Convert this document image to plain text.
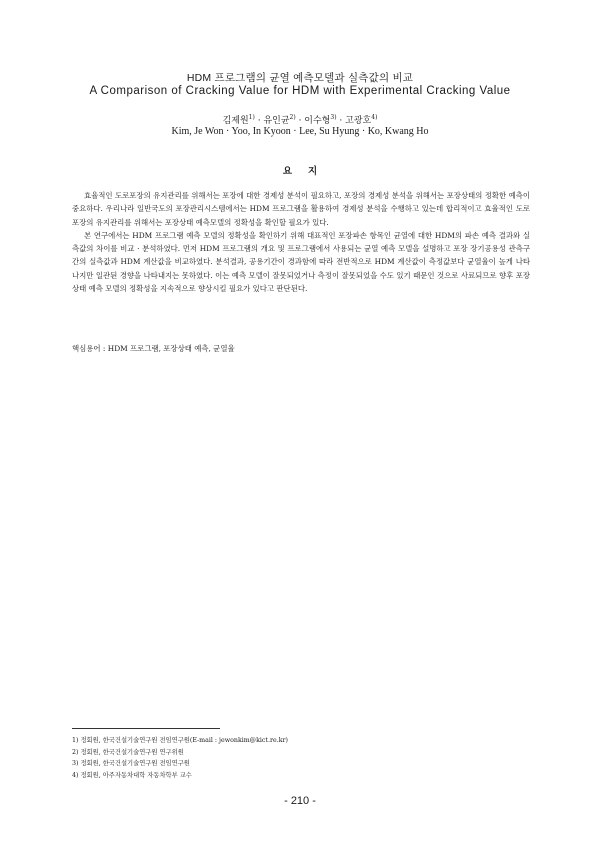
HDM 프로그램의 균열 예측모델과 실측값의 비교
A Comparison of Cracking Value for HDM with Experimental Cracking Value
김제원$^{1)}$ · 유인균$^{2)}$ · 이수형$^{3)}$ · 고광호$^{4)}$
Kim, Je Won · Yoo, In Kyoon · Lee, Su Hyung · Ko, Kwang Ho
요지

효율적인 도로포장의 유지관리를 위해서는 포장에 대한 경제성 분석이 필요하고, 포장의 경제성 분석을 위해서는 포장상태의 정확한 예측이 중요하다. 우리나라 일반국도의 포장관리시스템에서는 HDM 프로그램을 활용하여 경제성 분석을 수행하고 있는데 합리적이고 효율적인 도로포장의 유지관리를 위해서는 포장상태 예측모델의 정확성을 확인할 필요가 있다.

본 연구에서는 HDM 프로그램 예측 모델의 정확성을 확인하기 위해 대표적인 포장파손 항목인 균열에 대한 HDM의 파손 예측 결과와 실측값의 차이를 비교 · 분석하였다. 먼저 HDM 프로그램의 개요 및 프로그램에서 사용되는 균열 예측 모델을 설명하고 포장 장기공용성 관측구간의 실측값과 HDM 계산값을 비교하였다. 분석결과, 공용기간이 경과함에 따라 전반적으로 HDM 계산값이 측정값보다 균열율이 높게 나타나지만 일관된 경향을 나타내지는 못하였다. 이는 예측 모델이 잘못되었거나 측정이 잘못되었을 수도 있기 때문인 것으로 사료되므로 향후 포장상태 예측 모델의 정확성을 지속적으로 향상시킬 필요가 있다고 판단된다.

핵심용어 : HDM 프로그램, 포장상태 예측, 균열율
1) 정회원, 한국건설기술연구원 전임연구원(E-mail : jewonkim@kict.re.kr)
2) 정회원, 한국건설기술연구원 연구위원
3) 정회원, 한국건설기술연구원 전임연구원
4) 정회원, 아주자동차대학 자동차학부 교수
- 210 -
